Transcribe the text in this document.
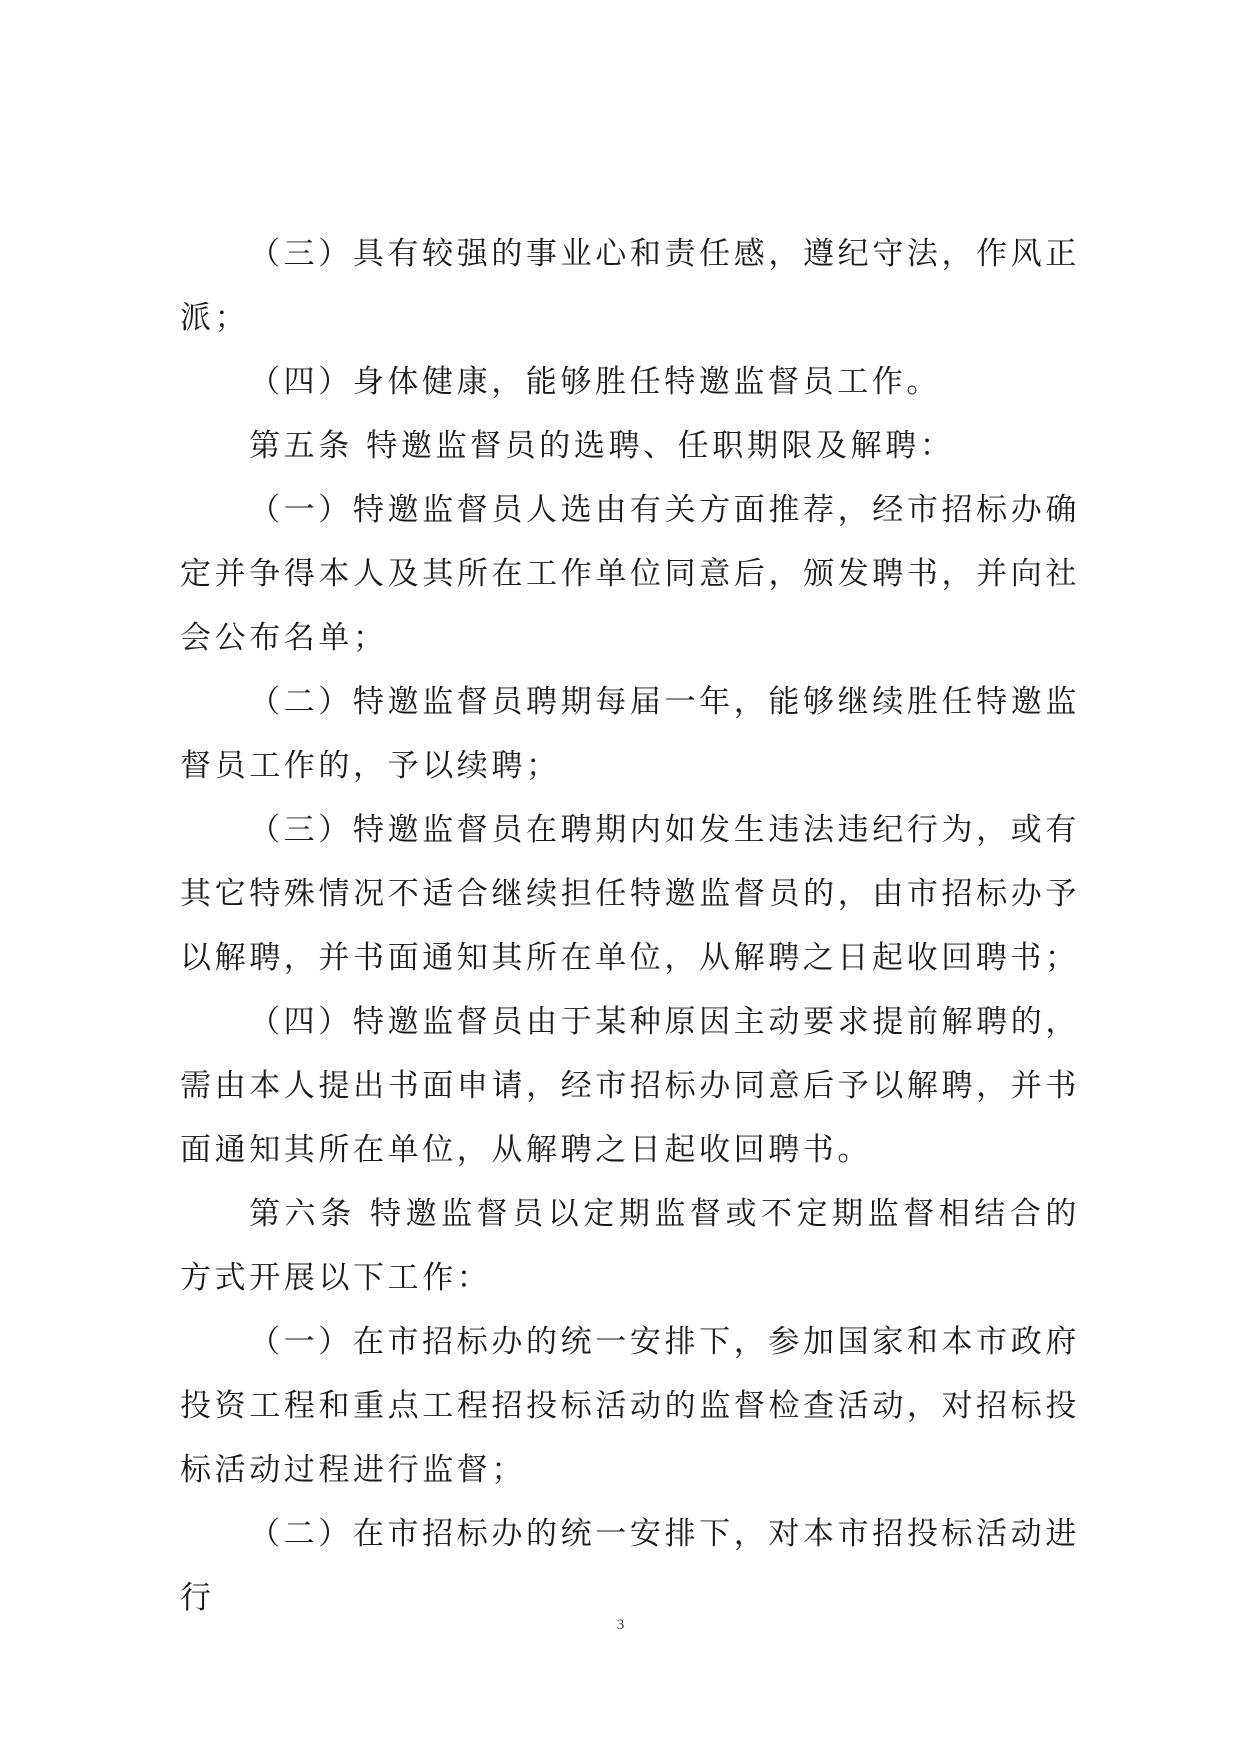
（三）具有较强的事业心和责任感，遵纪守法，作风正派；

（四）身体健康，能够胜任特邀监督员工作。

第五条 特邀监督员的选聘、任职期限及解聘：

（一）特邀监督员人选由有关方面推荐，经市招标办确定并争得本人及其所在工作单位同意后，颁发聘书，并向社会公布名单；

（二）特邀监督员聘期每届一年，能够继续胜任特邀监督员工作的，予以续聘；

（三）特邀监督员在聘期内如发生违法违纪行为，或有其它特殊情况不适合继续担任特邀监督员的，由市招标办予以解聘，并书面通知其所在单位，从解聘之日起收回聘书；

（四）特邀监督员由于某种原因主动要求提前解聘的，需由本人提出书面申请，经市招标办同意后予以解聘，并书面通知其所在单位，从解聘之日起收回聘书。

第六条 特邀监督员以定期监督或不定期监督相结合的方式开展以下工作：

（一）在市招标办的统一安排下，参加国家和本市政府投资工程和重点工程招投标活动的监督检查活动，对招标投标活动过程进行监督；

（二）在市招标办的统一安排下，对本市招投标活动进行

3
